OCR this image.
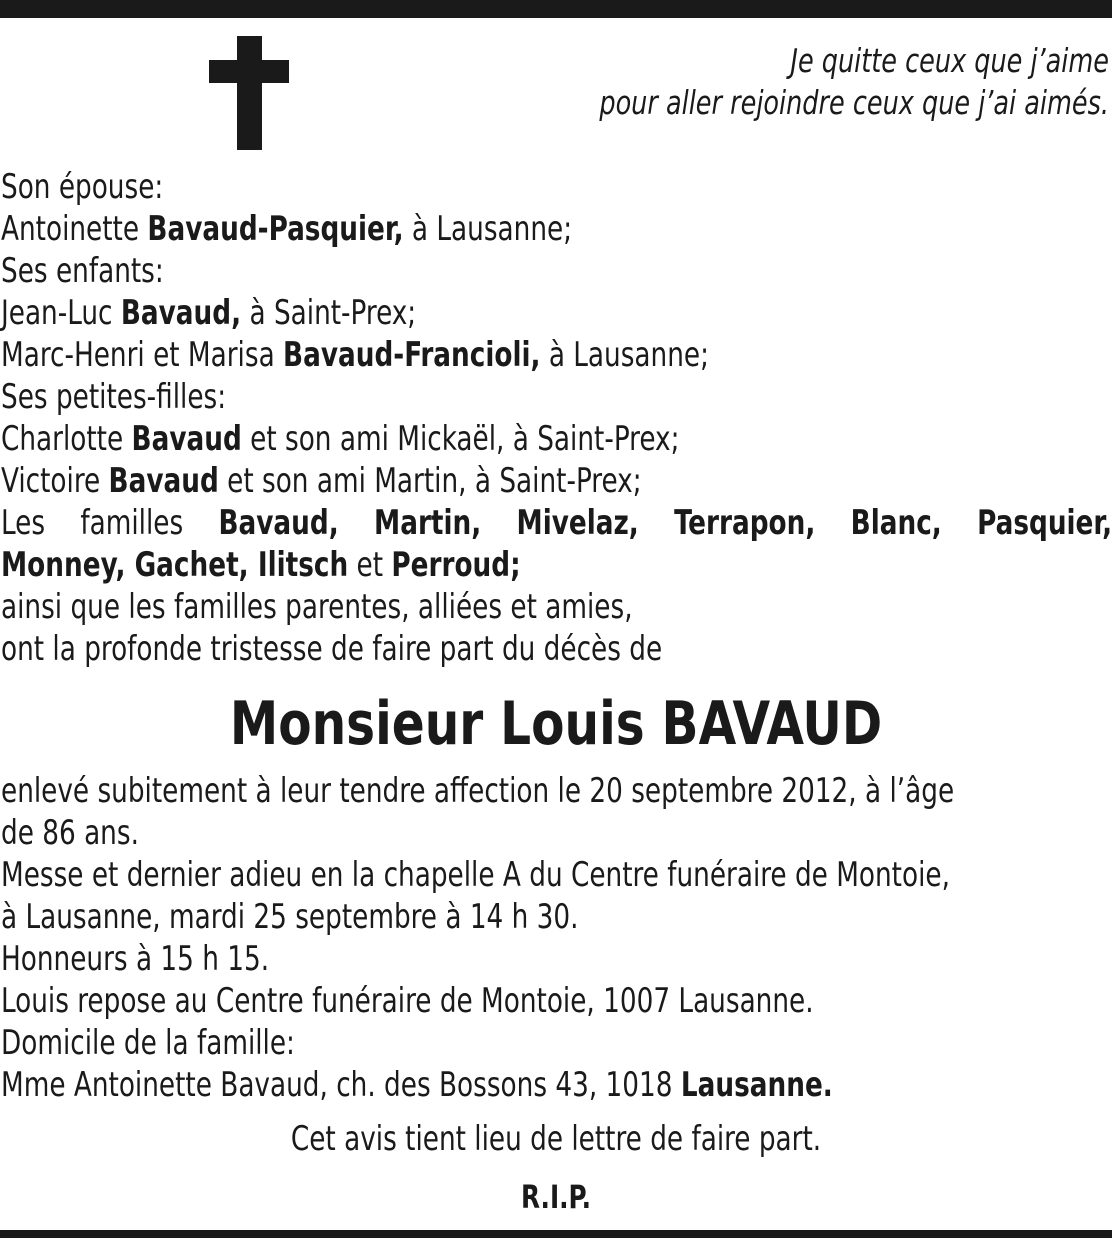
Je quitte ceux que j’aime
pour aller rejoindre ceux que j’ai aimés.

Son épouse:

Antoinette Bavaud-Pasquier, à Lausanne;

Ses enfants:

Jean-Luc Bavaud, à Saint-Prex;

Marc-Henri et Marisa Bavaud-Francioli, à Lausanne;

Ses petites-filles:

Charlotte Bavaud et son ami Mickaël, à Saint-Prex;

Victoire Bavaud et son ami Martin, à Saint-Prex;

Les familles Bavaud, Martin, Mivelaz, Terrapon, Blanc, Pasquier,

Monney, Gachet, Ilitsch et Perroud;

ainsi que les familles parentes, alliées et amies,

ont la profonde tristesse de faire part du décès de

Monsieur Louis BAVAUD

enlevé subitement à leur tendre affection le 20 septembre 2012, à l’âge

de 86 ans.

Messe et dernier adieu en la chapelle A du Centre funéraire de Montoie,

à Lausanne, mardi 25 septembre à 14 h 30.

Honneurs à 15 h 15.

Louis repose au Centre funéraire de Montoie, 1007 Lausanne.

Domicile de la famille:

Mme Antoinette Bavaud, ch. des Bossons 43, 1018 Lausanne.

Cet avis tient lieu de lettre de faire part.
R.I.P.
